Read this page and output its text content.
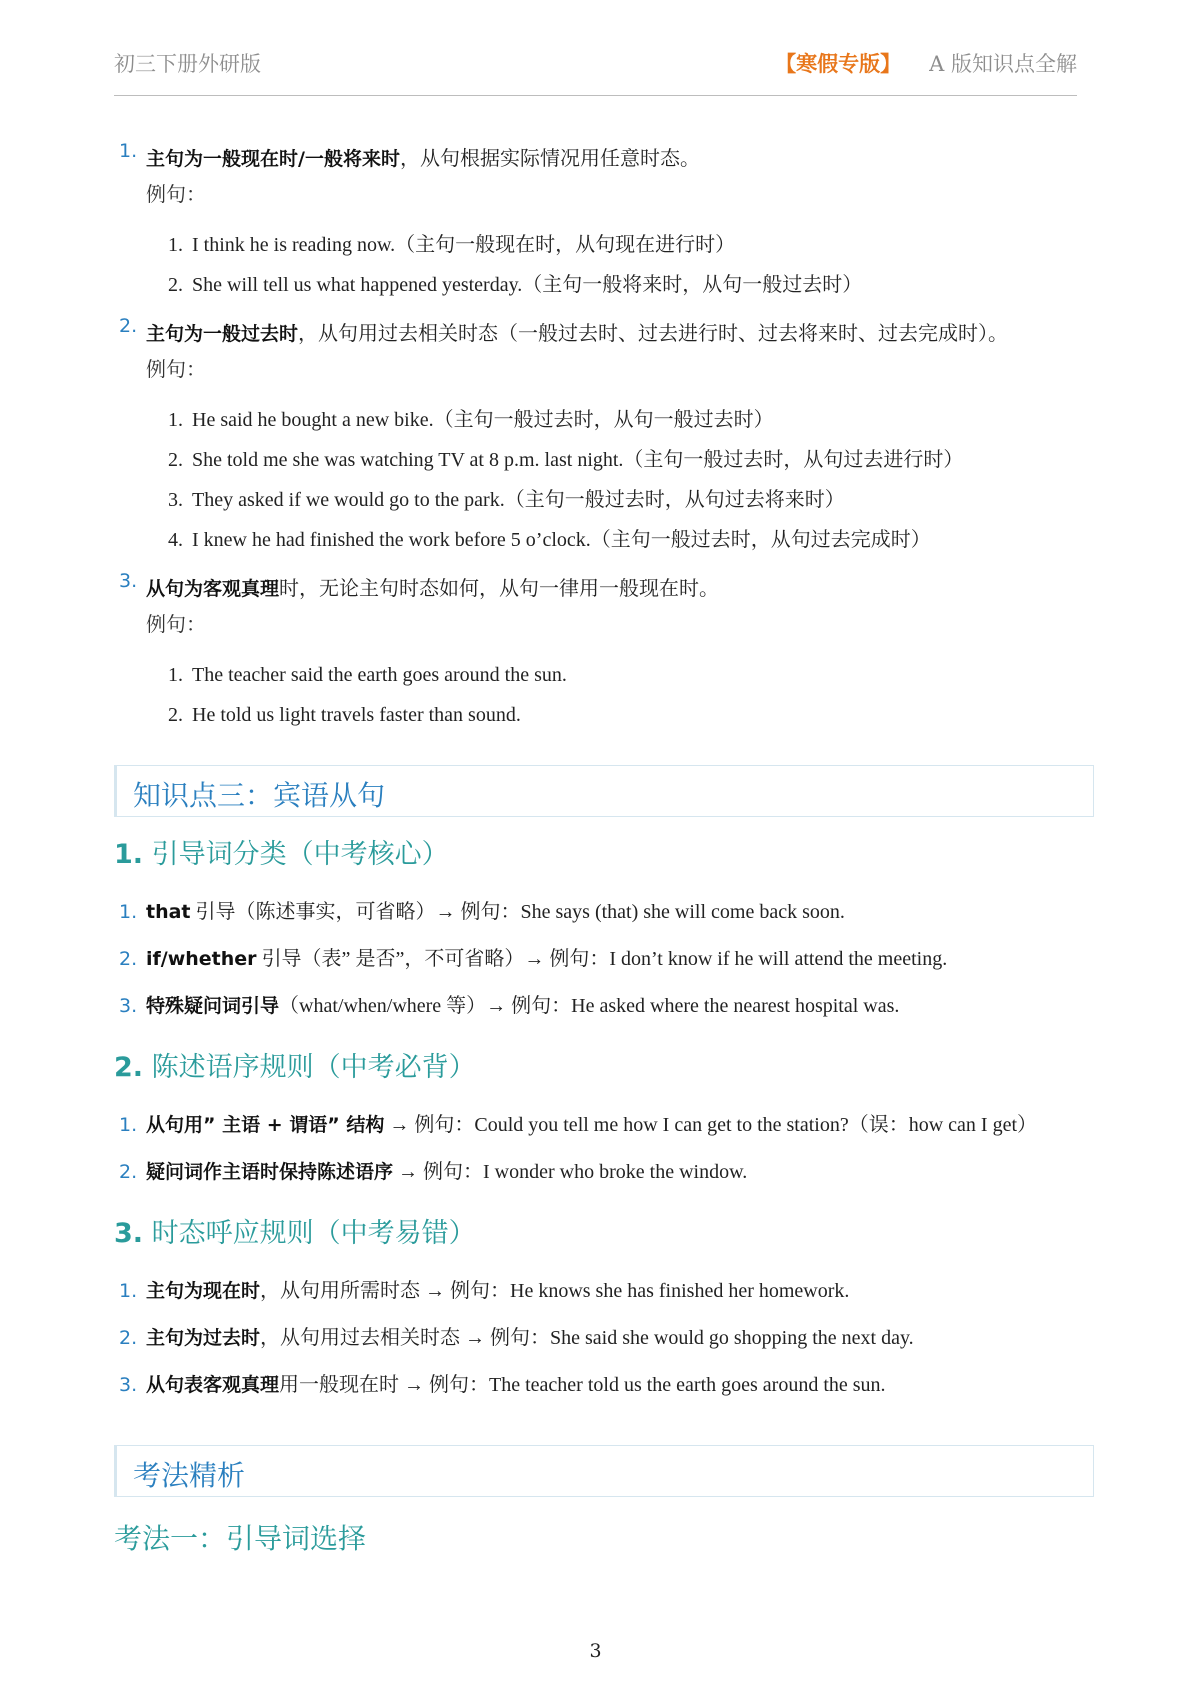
初三下册外研版	【寒假专版】 A 版知识点全解
1. 主句为一般现在时/一般将来时，从句根据实际情况用任意时态。
例句：
1. I think he is reading now.（主句一般现在时，从句现在进行时）
2. She will tell us what happened yesterday.（主句一般将来时，从句一般过去时）
2. 主句为一般过去时，从句用过去相关时态（一般过去时、过去进行时、过去将来时、过去完成时）。
例句：
1. He said he bought a new bike.（主句一般过去时，从句一般过去时）
2. She told me she was watching TV at 8 p.m. last night.（主句一般过去时，从句过去进行时）
3. They asked if we would go to the park.（主句一般过去时，从句过去将来时）
4. I knew he had finished the work before 5 o’clock.（主句一般过去时，从句过去完成时）
3. 从句为客观真理时，无论主句时态如何，从句一律用一般现在时。
例句：
1. The teacher said the earth goes around the sun.
2. He told us light travels faster than sound.
知识点三：宾语从句
1. 引导词分类（中考核心）
1. that 引导（陈述事实，可省略）→ 例句：She says (that) she will come back soon.
2. if/whether 引导（表” 是否”，不可省略）→ 例句：I don’t know if he will attend the meeting.
3. 特殊疑问词引导（what/when/where 等）→ 例句：He asked where the nearest hospital was.
2. 陈述语序规则（中考必背）
1. 从句用” 主语 + 谓语” 结构 → 例句：Could you tell me how I can get to the station?（误：how can I get）
2. 疑问词作主语时保持陈述语序 → 例句：I wonder who broke the window.
3. 时态呼应规则（中考易错）
1. 主句为现在时，从句用所需时态 → 例句：He knows she has finished her homework.
2. 主句为过去时，从句用过去相关时态 → 例句：She said she would go shopping the next day.
3. 从句表客观真理用一般现在时 → 例句：The teacher told us the earth goes around the sun.
考法精析
考法一：引导词选择
3
